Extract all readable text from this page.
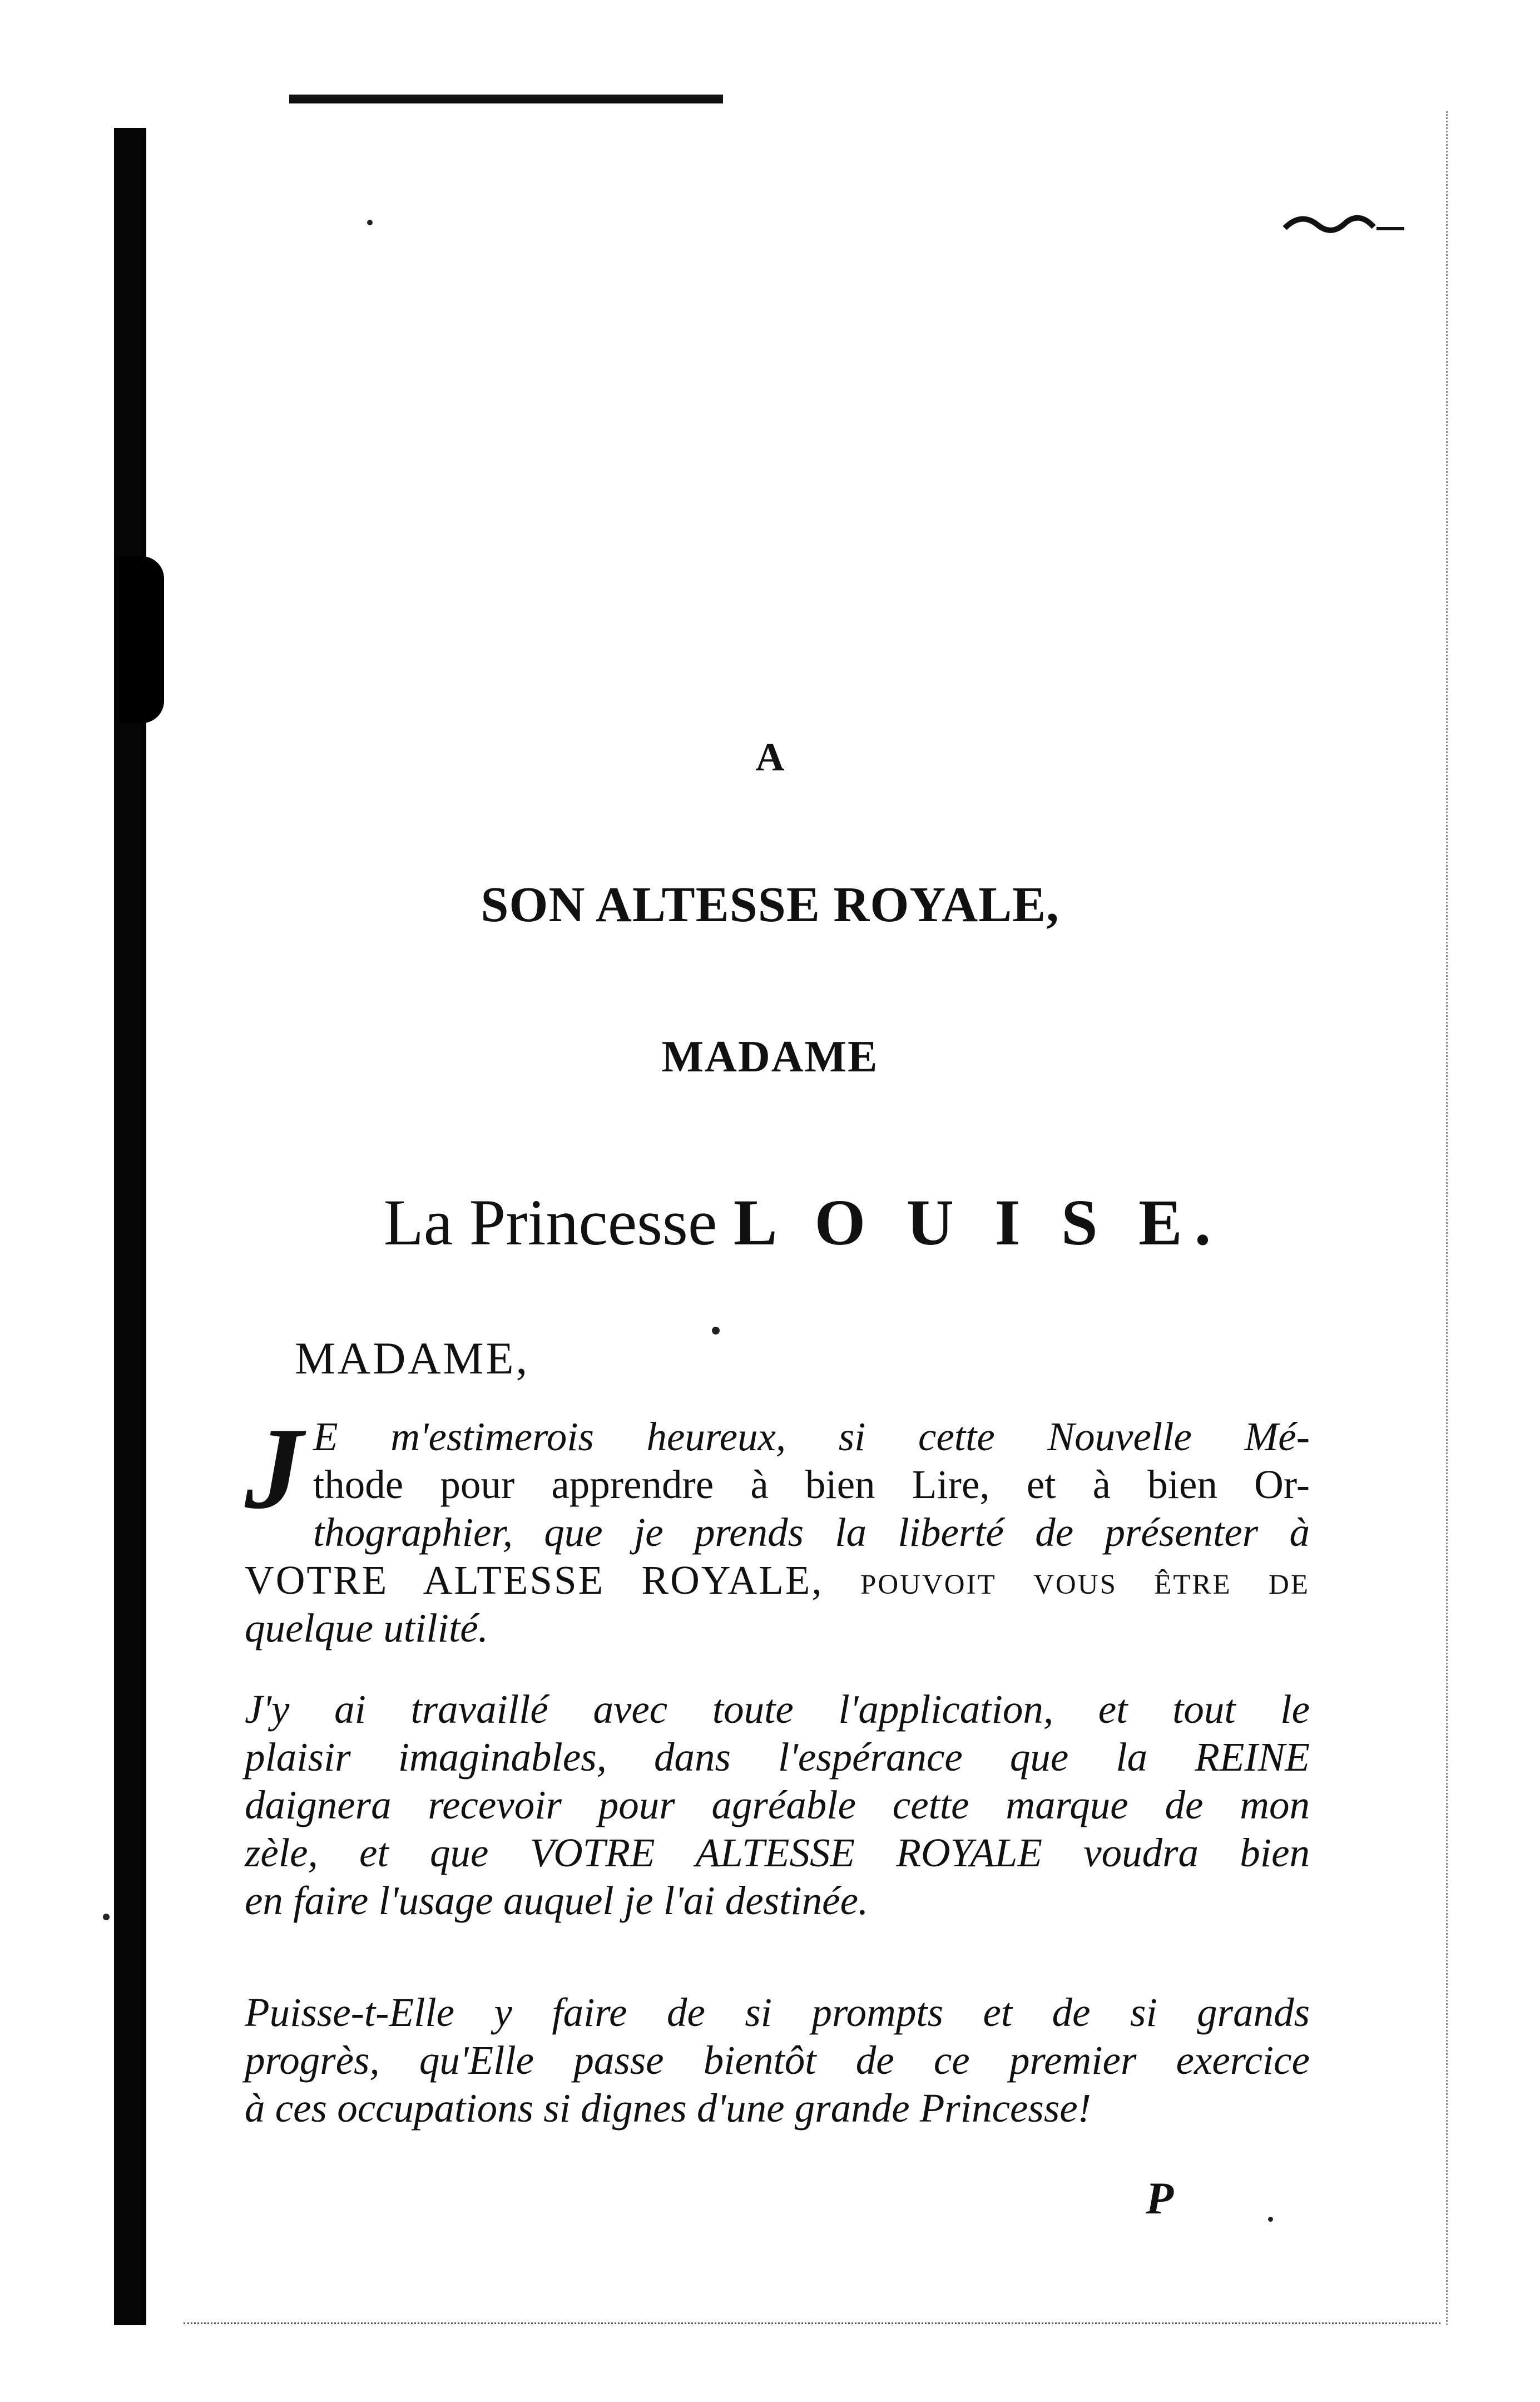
A
SON ALTESSE ROYALE,
MADAME
La Princesse L O U I S E.
MADAME,
J E m'estimerois heureux, si cette Nouvelle Mé-
thode pour apprendre à bien Lire, et à bien Or-
thographier, que je prends la liberté de présenter à
VOTRE ALTESSE ROYALE, pouvoit vous être de
quelque utilité.
J'y ai travaillé avec toute l'application, et tout le
plaisir imaginables, dans l'espérance que la REINE
daignera recevoir pour agréable cette marque de mon
zèle, et que VOTRE ALTESSE ROYALE voudra bien
en faire l'usage auquel je l'ai destinée.
Puisse-t-Elle y faire de si prompts et de si grands
progrès, qu'Elle passe bientôt de ce premier exercice
à ces occupations si dignes d'une grande Princesse!
P
